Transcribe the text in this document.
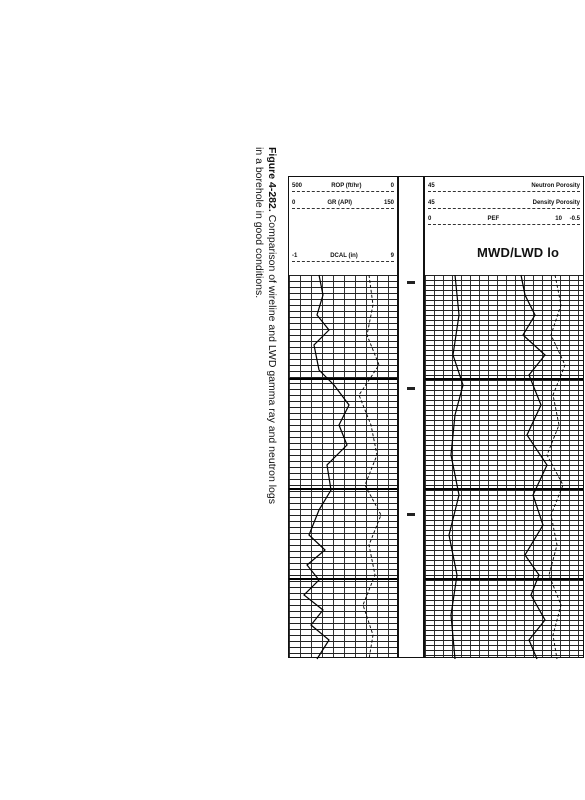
Figure 4-282. Comparison of wireline and LWD gamma ray and neutron logs
in a borehole in good conditions.	500	ROP (ft/hr)	0
0	GR (API)	150
-1	DCAL (in)	9
45	Neutron Porosity
45	Density Porosity
0	PEF	10 -0.5
MWD/LWD lo
